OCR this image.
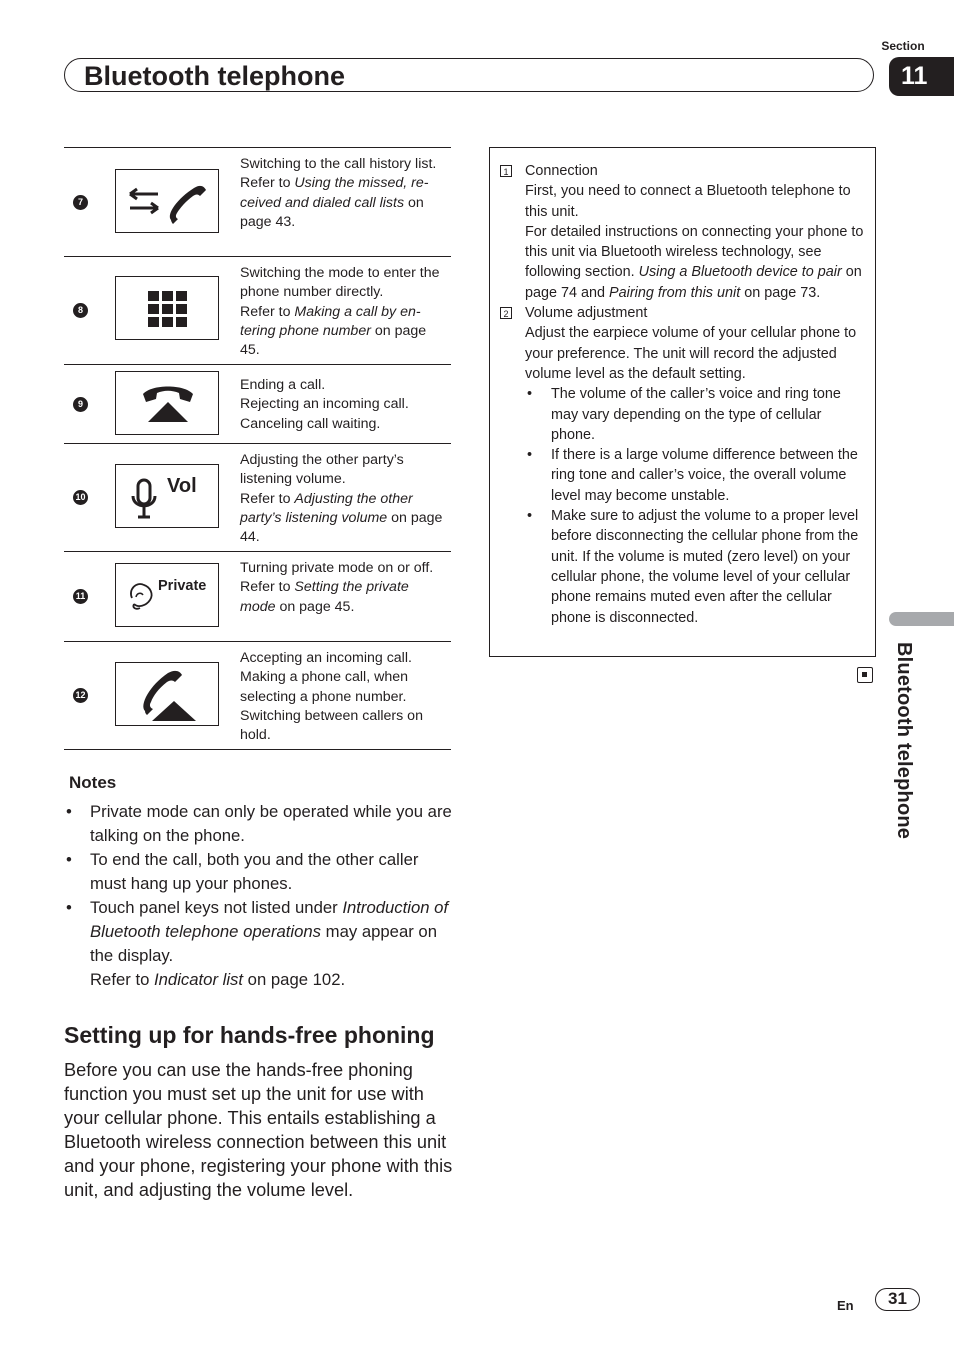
Section
11
Bluetooth telephone
Bluetooth telephone
7
Switching to the call history list.
Refer to Using the missed, received and dialed call lists on page 43.
8
Switching the mode to enter the phone number directly.
Refer to Making a call by entering phone number on page 45.
9
Ending a call.
Rejecting an incoming call.
Canceling call waiting.
10	Vol
Adjusting the other party’s listening volume.
Refer to Adjusting the other party’s listening volume on page 44.
11
Private
Turning private mode on or off.
Refer to Setting the private mode on page 45.
12
Accepting an incoming call.
Making a phone call, when selecting a phone number.
Switching between callers on hold.
Notes
• Private mode can only be operated while you are talking on the phone.
• To end the call, both you and the other caller must hang up your phones.
• Touch panel keys not listed under Introduction of Bluetooth telephone operations may appear on the display.
Refer to Indicator list on page 102.
Setting up for hands-free phoning
Before you can use the hands-free phoning function you must set up the unit for use with your cellular phone. This entails establishing a Bluetooth wireless connection between this unit and your phone, registering your phone with this unit, and adjusting the volume level.
1 Connection
First, you need to connect a Bluetooth telephone to this unit.
For detailed instructions on connecting your phone to this unit via Bluetooth wireless technology, see following section. Using a Bluetooth device to pair on page 74 and Pairing from this unit on page 73.
2 Volume adjustment
Adjust the earpiece volume of your cellular phone to your preference. The unit will record the adjusted volume level as the default setting.
• The volume of the caller’s voice and ring tone may vary depending on the type of cellular phone.
• If there is a large volume difference between the ring tone and caller’s voice, the overall volume level may become unstable.
• Make sure to adjust the volume to a proper level before disconnecting the cellular phone from the unit. If the volume is muted (zero level) on your cellular phone, the volume level of your cellular phone remains muted even after the cellular phone is disconnected.
En	31
